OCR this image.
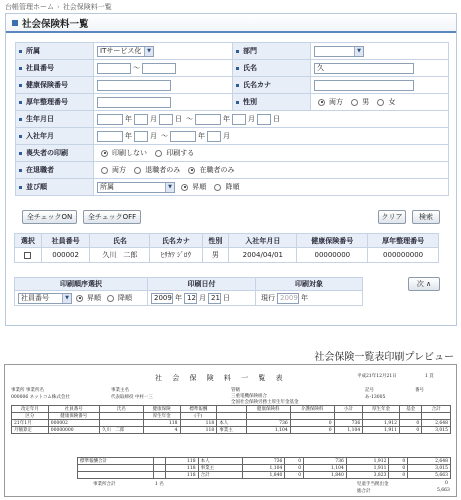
台帳管理ホーム › 社会保険料一覧
社会保険料一覧
所属	ITサービス化 ▼	部門	▼

社員番号	～	氏名	久
健康保険番号		氏名カナ	
厚年整理番号		性別	両方 男 女
生年月日	年 月 日 ～ 年 月 日		
入社年月	年 月 ～ 年 月		
喪失者の印刷	印刷しない 印刷する		
在退職者	両方 退職者のみ 在職者のみ		
並び順	所属 ▼ 昇順 降順		
全チェックON	全チェックOFF	クリア	検索
選択	社員番号	氏名	氏名カナ	性別	入社年月日	健康保険番号	厚年整理番号
	000002	久川　二郎	ﾋｻｶﾜ ｼﾞﾛｳ	男	2004/04/01	00000000	000000000
印刷順序選択	印刷日付	印刷対象
社員番号 ▼ 昇順 降順	2009 年 12 月 21 日	現行 2009 年
次 ∧
社会保険一覧表印刷プレビュー
社 会 保 険 料 一 覧 表	平成21年12月21日	1 頁
事業所 事業所名
000006 ネットコム株式会社
事業主名
代表取締役 中村一三
管轄
三重電機保険組合
全国社会保険労務士厚生年金基金
記号
あ-13005
番号
改定年月	社員番号	氏名	健康保険	標準報酬		健康保険料	介護保険料	小計	厚生年金	基金	合計
区分	健康保険番号		厚生年金	(千)							
21年1月	000002		118	118	本人	736	0	736	1,912	0	2,648
月額算定	00000000	久川　二郎	4	118	事業主	1,104	0	1,104	1,911	0	3,015
標準報酬合計		118	本人	736	0	736	1,912	0	2,648
		118	事業主	1,104	0	1,104	1,911	0	3,015
		118	合計	1,840	0	1,840	3,823	0	5,663
事業所合計	1 名	児童手当拠出金	0
総合計	5,663
